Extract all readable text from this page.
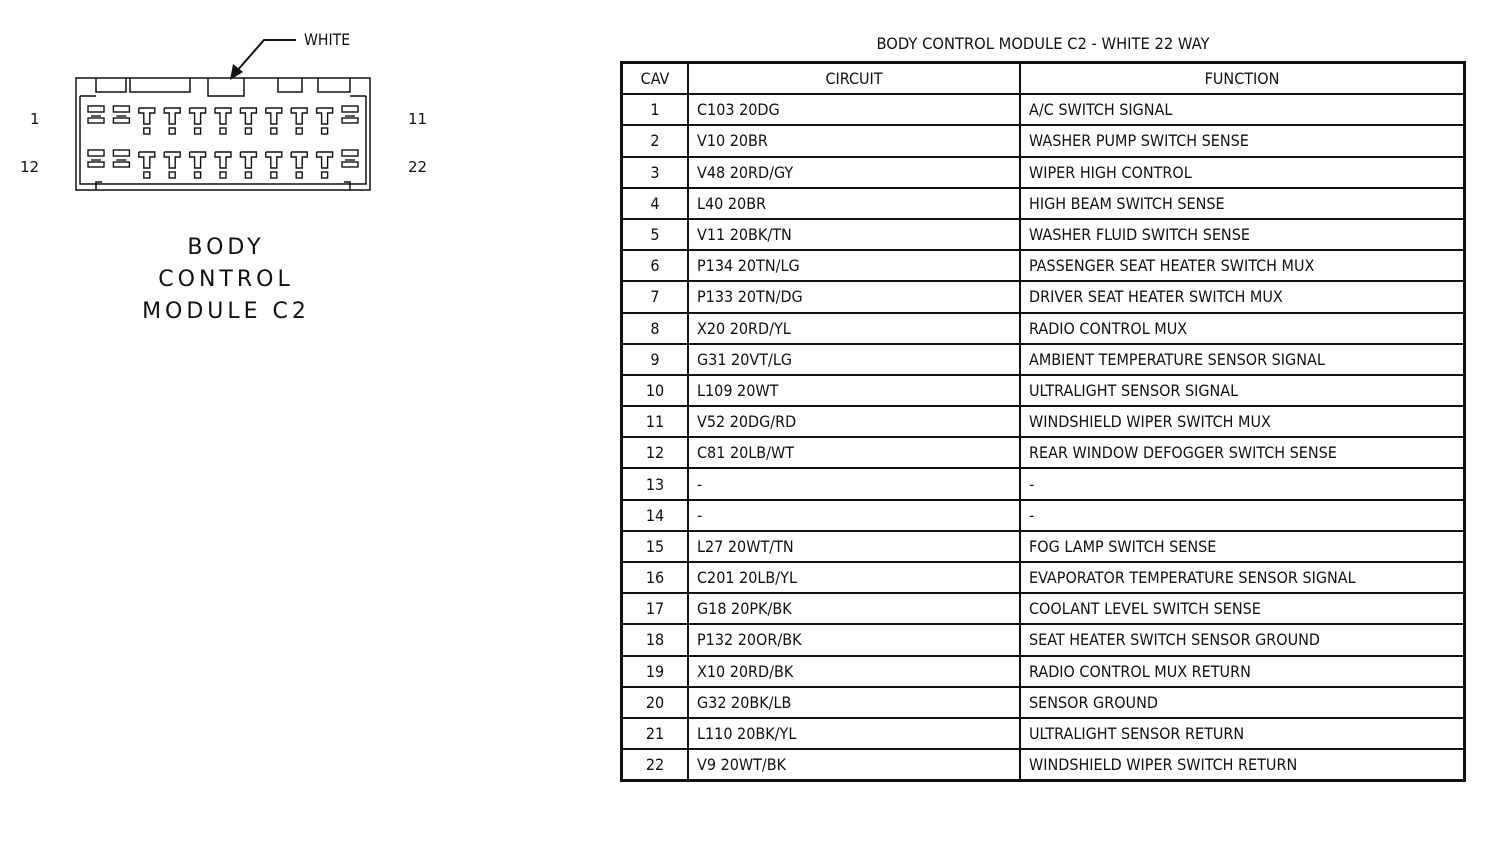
WHITE
1	11
12	22
BODY
CONTROL
MODULE C2
BODY CONTROL MODULE C2 - WHITE 22 WAY
CAV	CIRCUIT	FUNCTION
1	C103 20DG	A/C SWITCH SIGNAL
2	V10 20BR	WASHER PUMP SWITCH SENSE
3	V48 20RD/GY	WIPER HIGH CONTROL
4	L40 20BR	HIGH BEAM SWITCH SENSE
5	V11 20BK/TN	WASHER FLUID SWITCH SENSE
6	P134 20TN/LG	PASSENGER SEAT HEATER SWITCH MUX
7	P133 20TN/DG	DRIVER SEAT HEATER SWITCH MUX
8	X20 20RD/YL	RADIO CONTROL MUX
9	G31 20VT/LG	AMBIENT TEMPERATURE SENSOR SIGNAL
10	L109 20WT	ULTRALIGHT SENSOR SIGNAL
11	V52 20DG/RD	WINDSHIELD WIPER SWITCH MUX
12	C81 20LB/WT	REAR WINDOW DEFOGGER SWITCH SENSE
13	-	-
14	-	-
15	L27 20WT/TN	FOG LAMP SWITCH SENSE
16	C201 20LB/YL	EVAPORATOR TEMPERATURE SENSOR SIGNAL
17	G18 20PK/BK	COOLANT LEVEL SWITCH SENSE
18	P132 20OR/BK	SEAT HEATER SWITCH SENSOR GROUND
19	X10 20RD/BK	RADIO CONTROL MUX RETURN
20	G32 20BK/LB	SENSOR GROUND
21	L110 20BK/YL	ULTRALIGHT SENSOR RETURN
22	V9 20WT/BK	WINDSHIELD WIPER SWITCH RETURN
